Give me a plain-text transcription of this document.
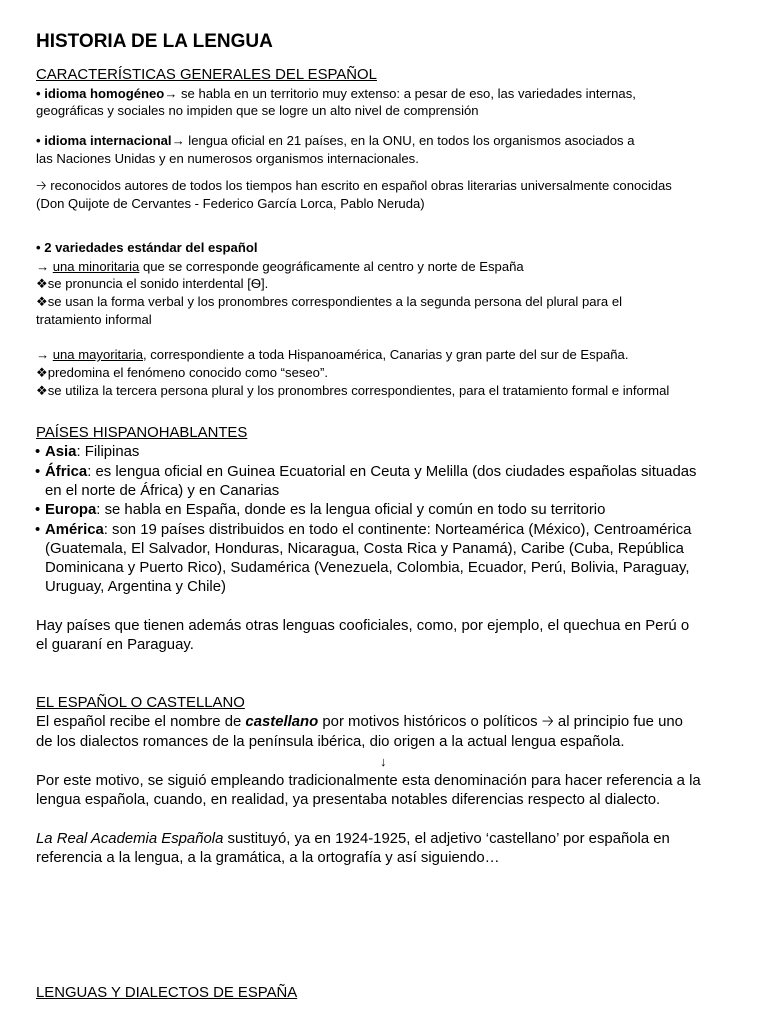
HISTORIA DE LA LENGUA
CARACTERÍSTICAS GENERALES DEL ESPAÑOL
• idioma homogéneo→ se habla en un territorio muy extenso: a pesar de eso, las variedades internas,
geográficas y sociales no impiden que se logre un alto nivel de comprensión
• idioma internacional→ lengua oficial en 21 países, en la ONU, en todos los organismos asociados a
las Naciones Unidas y en numerosos organismos internacionales.
🡢 reconocidos autores de todos los tiempos han escrito en español obras literarias universalmente conocidas
(Don Quijote de Cervantes - Federico García Lorca, Pablo Neruda)
• 2 variedades estándar del español
→ una minoritaria que se corresponde geográficamente al centro y norte de España
❖se pronuncia el sonido interdental [Ѳ].
❖se usan la forma verbal y los pronombres correspondientes a la segunda persona del plural para el
tratamiento informal
→ una mayoritaria, correspondiente a toda Hispanoamérica, Canarias y gran parte del sur de España.
❖predomina el fenómeno conocido como “seseo”.
❖se utiliza la tercera persona plural y los pronombres correspondientes, para el tratamiento formal e informal
PAÍSES HISPANOHABLANTES
• Asia: Filipinas
• África: es lengua oficial en Guinea Ecuatorial en Ceuta y Melilla (dos ciudades españolas situadas
en el norte de África) y en Canarias
• Europa: se habla en España, donde es la lengua oficial y común en todo su territorio
• América: son 19 países distribuidos en todo el continente: Norteamérica (México), Centroamérica
(Guatemala, El Salvador, Honduras, Nicaragua, Costa Rica y Panamá), Caribe (Cuba, República
Dominicana y Puerto Rico), Sudamérica (Venezuela, Colombia, Ecuador, Perú, Bolivia, Paraguay,
Uruguay, Argentina y Chile)
Hay países que tienen además otras lenguas cooficiales, como, por ejemplo, el quechua en Perú o
el guaraní en Paraguay.
EL ESPAÑOL O CASTELLANO
El español recibe el nombre de castellano por motivos históricos o políticos 🡢 al principio fue uno
de los dialectos romances de la península ibérica, dio origen a la actual lengua española.
↓
Por este motivo, se siguió empleando tradicionalmente esta denominación para hacer referencia a la
lengua española, cuando, en realidad, ya presentaba notables diferencias respecto al dialecto.
La Real Academia Española sustituyó, ya en 1924-1925, el adjetivo ‘castellano’ por española en
referencia a la lengua, a la gramática, a la ortografía y así siguiendo…
LENGUAS Y DIALECTOS DE ESPAÑA
